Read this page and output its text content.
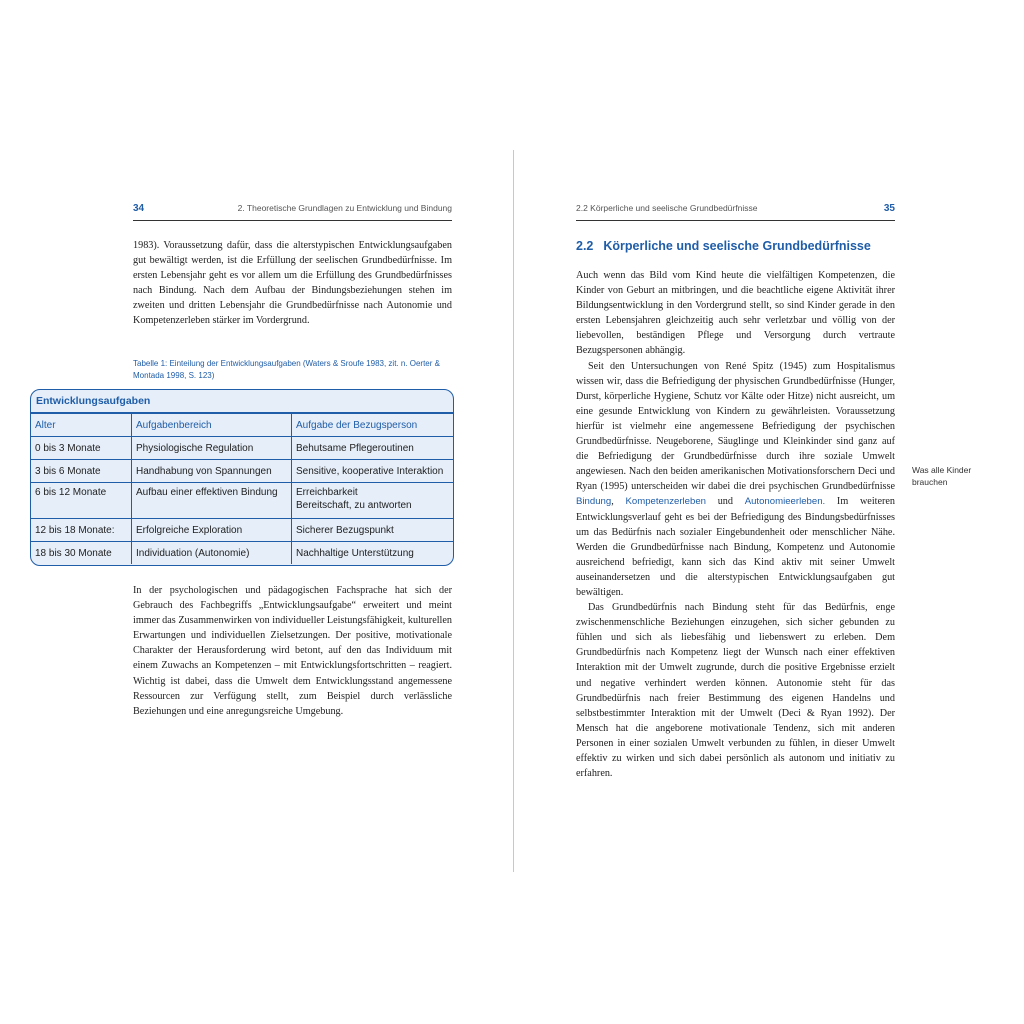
34	2. Theoretische Grundlagen zu Entwicklung und Bindung

1983). Voraussetzung dafür, dass die alterstypischen Entwicklungsaufgaben gut bewältigt werden, ist die Erfüllung der seelischen Grundbedürfnisse. Im ersten Lebensjahr geht es vor allem um die Erfüllung des Grundbedürfnisses nach Bindung. Nach dem Aufbau der Bindungsbeziehungen stehen im zweiten und dritten Lebensjahr die Grundbedürfnisse nach Autonomie und Kompetenzerleben stärker im Vordergrund.

Tabelle 1: Einteilung der Entwicklungsaufgaben (Waters & Sroufe 1983, zit. n. Oerter & Montada 1998, S. 123)
Entwicklungsaufgaben
Alter	Aufgabenbereich	Aufgabe der Bezugsperson
0 bis 3 Monate	Physiologische Regulation	Behutsame Pflegeroutinen
3 bis 6 Monate	Handhabung von Spannungen	Sensitive, kooperative Interaktion
6 bis 12 Monate	Aufbau einer effektiven Bindung	Erreichbarkeit
Bereitschaft, zu antworten

12 bis 18 Monate:	Erfolgreiche Exploration	Sicherer Bezugspunkt
18 bis 30 Monate	Individuation (Autonomie)	Nachhaltige Unterstützung

In der psychologischen und pädagogischen Fachsprache hat sich der Gebrauch des Fachbegriffs „Entwicklungsaufgabe“ erweitert und meint immer das Zusammenwirken von individueller Leistungsfähigkeit, kulturellen Erwartungen und individuellen Zielsetzungen. Der positive, motivationale Charakter der Herausforderung wird betont, auf den das Individuum mit einem Zuwachs an Kompetenzen – mit Entwicklungsfortschritten – reagiert. Wichtig ist dabei, dass die Umwelt dem Entwicklungsstand angemessene Ressourcen zur Verfügung stellt, zum Beispiel durch verlässliche Beziehungen und eine anregungsreiche Umgebung.

2.2 Körperliche und seelische Grundbedürfnisse	35
2.2 Körperliche und seelische Grundbedürfnisse

Auch wenn das Bild vom Kind heute die vielfältigen Kompetenzen, die Kinder von Geburt an mitbringen, und die beachtliche eigene Aktivität ihrer Bildungsentwicklung in den Vordergrund stellt, so sind Kinder gerade in den ersten Lebensjahren gleichzeitig auch sehr verletzbar und völlig von der liebevollen, beständigen Pflege und Versorgung durch vertraute Bezugspersonen abhängig.

Seit den Untersuchungen von René Spitz (1945) zum Hospitalismus wissen wir, dass die Befriedigung der physischen Grundbedürfnisse (Hunger, Durst, körperliche Hygiene, Schutz vor Kälte oder Hitze) nicht ausreicht, um eine gesunde Entwicklung von Kindern zu gewährleisten. Voraussetzung hierfür ist vielmehr eine angemessene Befriedigung der psychischen Grundbedürfnisse. Neugeborene, Säuglinge und Kleinkinder sind ganz auf die Befriedigung der Grundbedürfnisse durch ihre soziale Umwelt angewiesen. Nach den beiden amerikanischen Motivationsforschern Deci und Ryan (1995) unterscheiden wir dabei die drei psychischen Grundbedürfnisse Bindung, Kompetenzerleben und Autonomieerleben. Im weiteren Entwicklungsverlauf geht es bei der Befriedigung des Bindungsbedürfnisses um das Bedürfnis nach sozialer Eingebundenheit oder menschlicher Nähe. Werden die Grundbedürfnisse nach Bindung, Kompetenz und Autonomie ausreichend befriedigt, kann sich das Kind aktiv mit seiner Umwelt auseinandersetzen und die alterstypischen Entwicklungsaufgaben gut bewältigen.

Das Grundbedürfnis nach Bindung steht für das Bedürfnis, enge zwischenmenschliche Beziehungen einzugehen, sich sicher gebunden zu fühlen und sich als liebesfähig und liebenswert zu erleben. Dem Grundbedürfnis nach Kompetenz liegt der Wunsch nach einer effektiven Interaktion mit der Umwelt zugrunde, durch die positive Ergebnisse erzielt und negative verhindert werden können. Autonomie steht für das Grundbedürfnis nach freier Bestimmung des eigenen Handelns und selbstbestimmter Interaktion mit der Umwelt (Deci & Ryan 1992). Der Mensch hat die angeborene motivationale Tendenz, sich mit anderen Personen in einer sozialen Umwelt verbunden zu fühlen, in dieser Umwelt effektiv zu wirken und sich dabei persönlich als autonom und initiativ zu erfahren.

Was alle Kinder brauchen
